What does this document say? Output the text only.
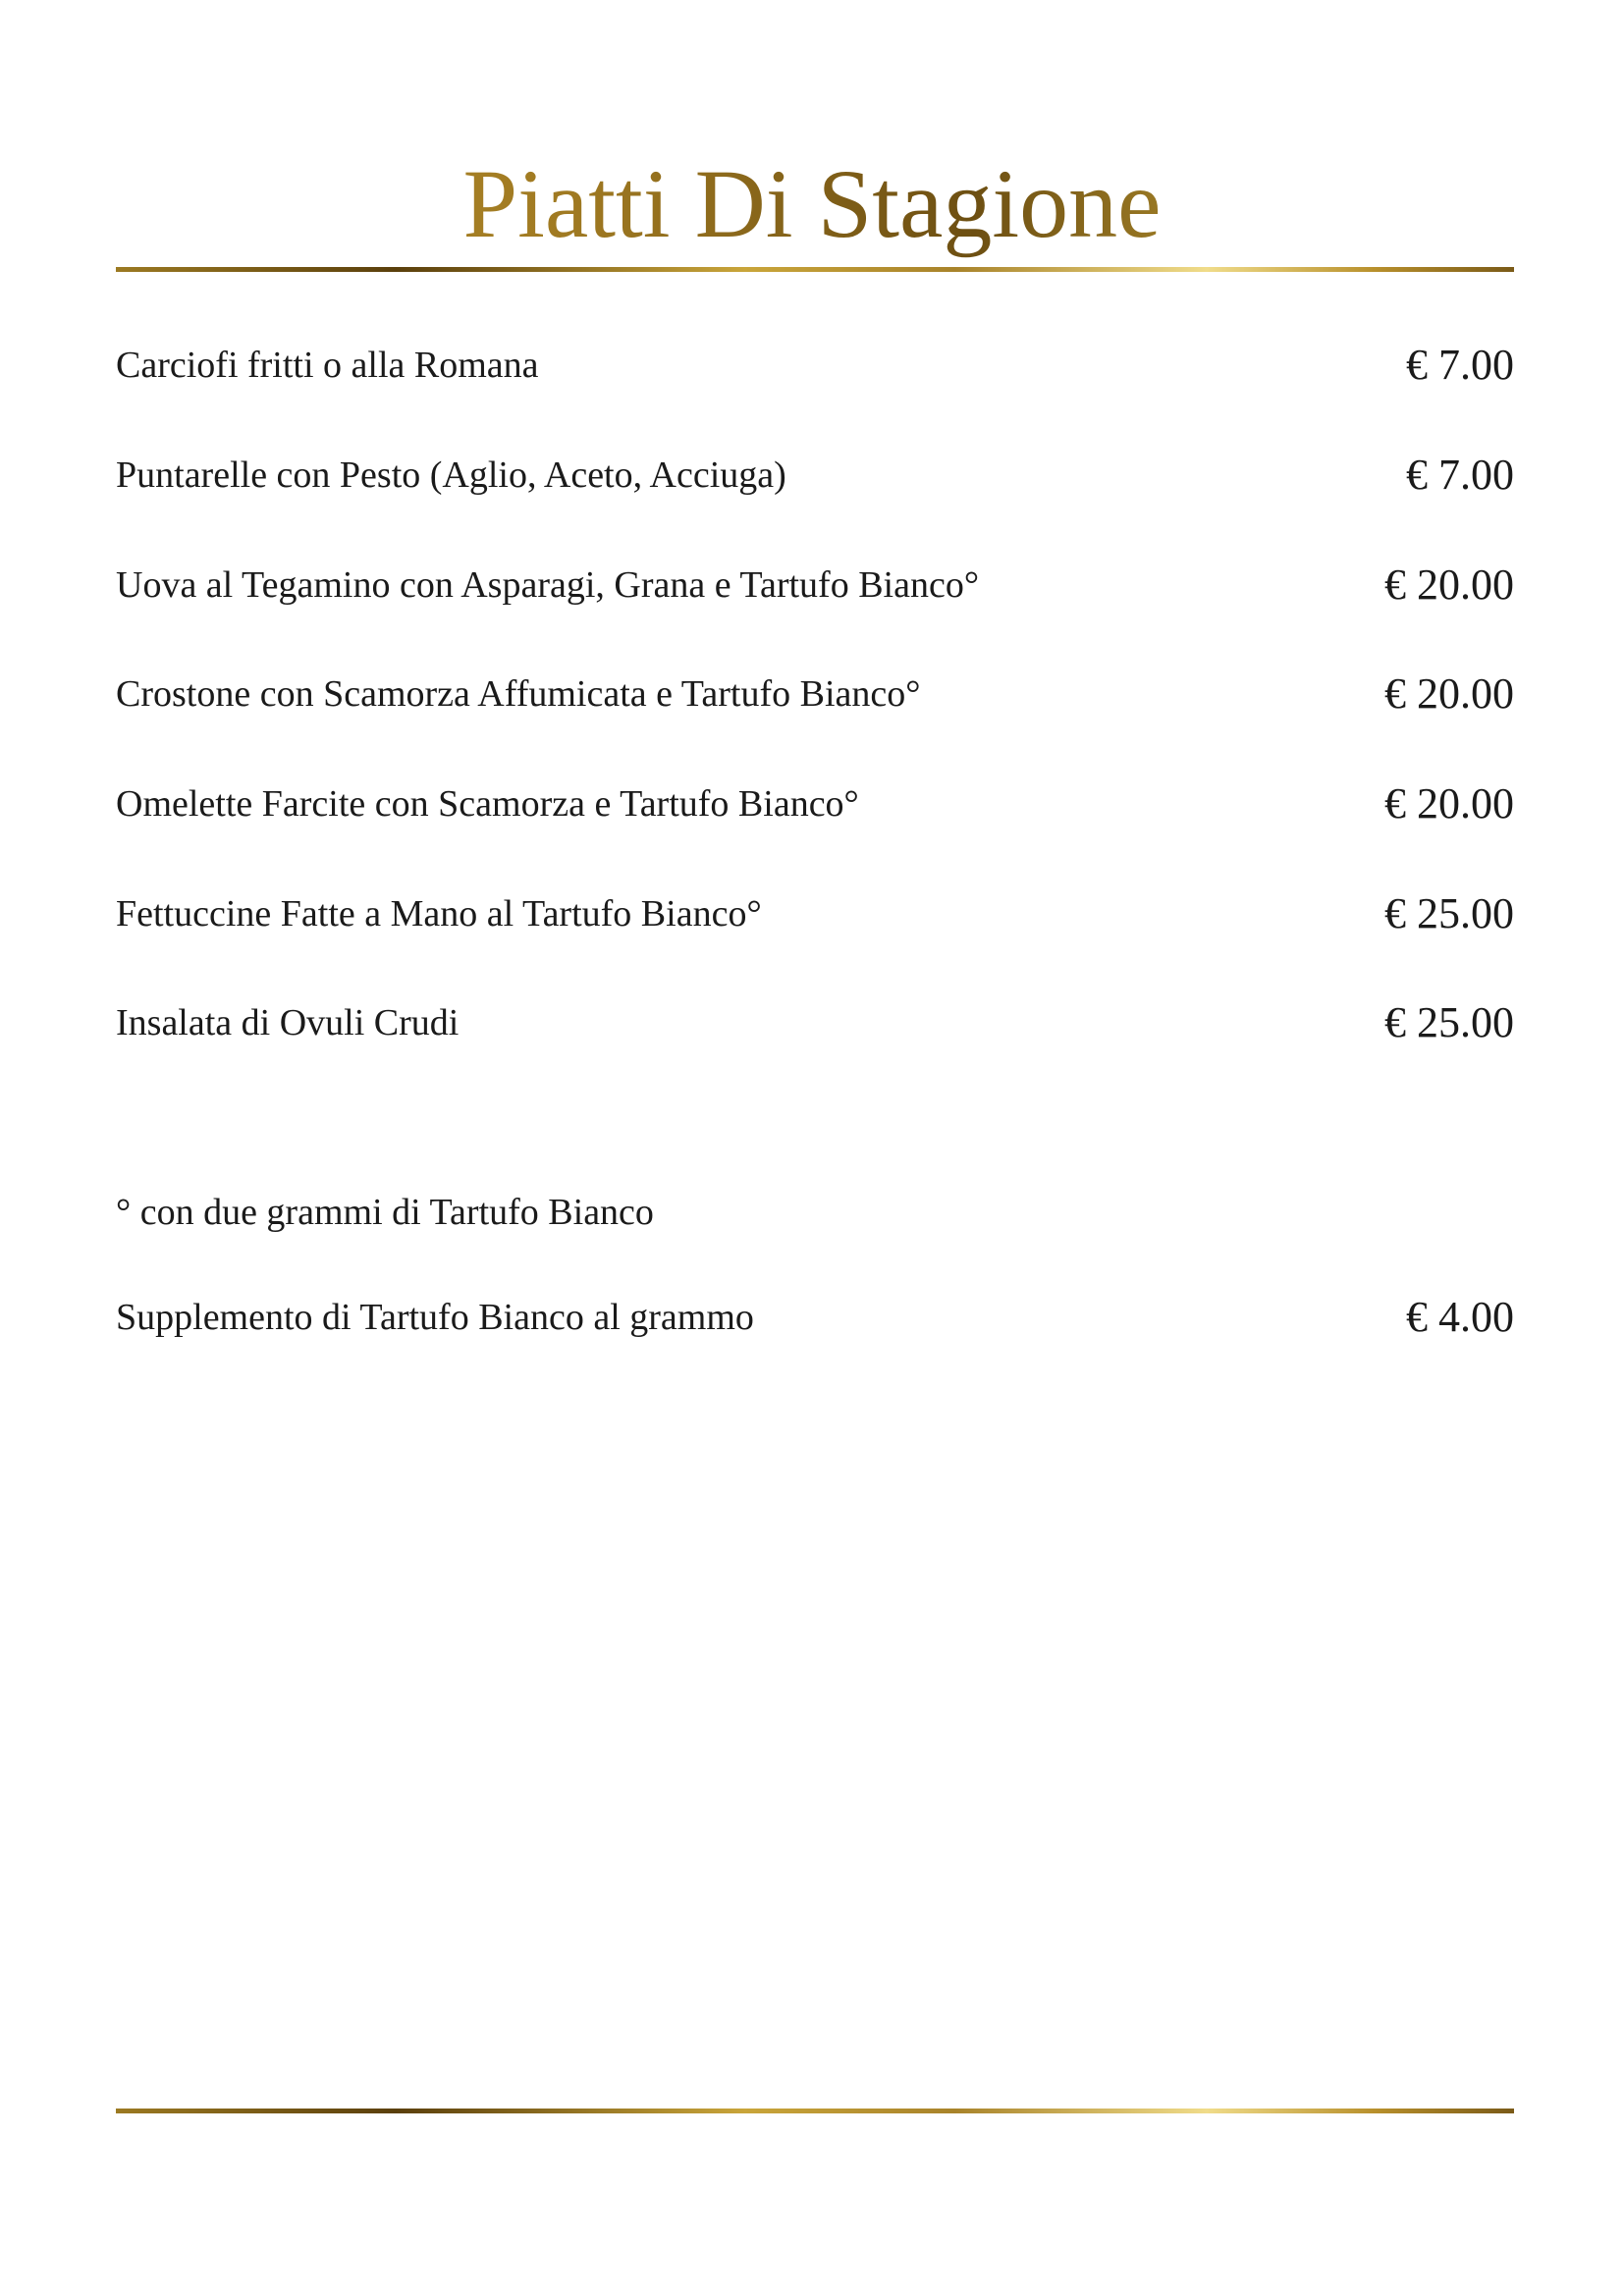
Piatti Di Stagione
Carciofi fritti o alla Romana	€ 7.00
Puntarelle con Pesto (Aglio, Aceto, Acciuga)	€ 7.00
Uova al Tegamino con Asparagi, Grana e Tartufo Bianco°	€ 20.00
Crostone con Scamorza Affumicata e Tartufo Bianco°	€ 20.00
Omelette Farcite con Scamorza e Tartufo Bianco°	€ 20.00
Fettuccine Fatte a Mano al Tartufo Bianco°	€ 25.00
Insalata di Ovuli Crudi	€ 25.00
° con due grammi di Tartufo Bianco
Supplemento di Tartufo Bianco al grammo	€ 4.00
